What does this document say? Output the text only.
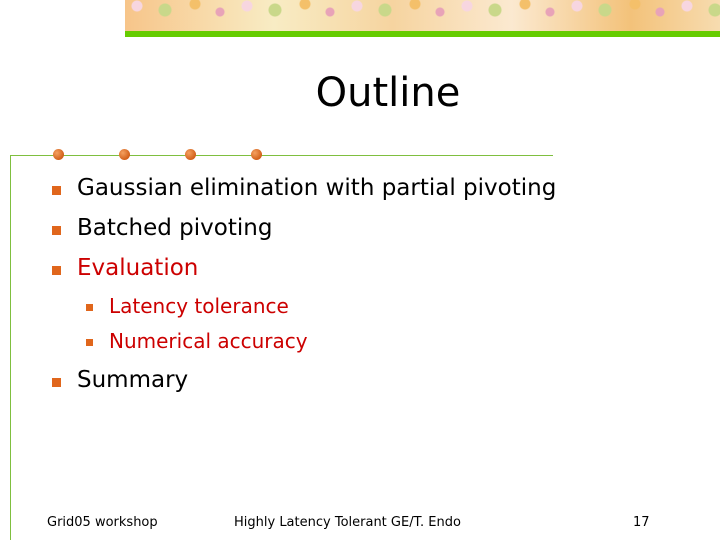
Outline
Gaussian elimination with partial pivoting
Batched pivoting
Evaluation
Latency tolerance
Numerical accuracy
Summary
Grid05 workshop	Highly Latency Tolerant GE/T. Endo	17
